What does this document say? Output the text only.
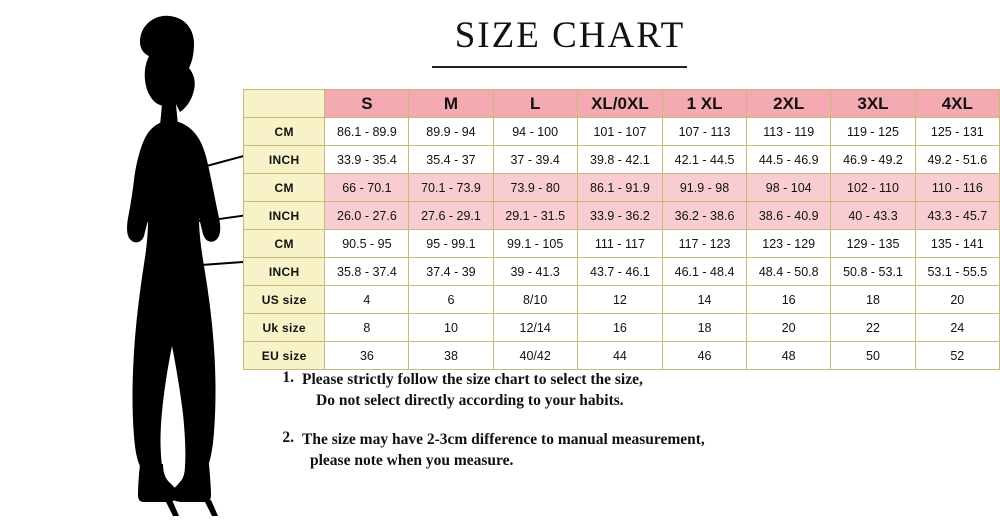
Bust fit
Waist fit
Hip fit
SIZE CHART
	S	M	L	XL/0XL	1 XL	2XL	3XL	4XL
CM	86.1 - 89.9	89.9 - 94	94 - 100	101 - 107	107 - 113	113 - 119	119 - 125	125 - 131
INCH	33.9 - 35.4	35.4 - 37	37 - 39.4	39.8 - 42.1	42.1 - 44.5	44.5 - 46.9	46.9 - 49.2	49.2 - 51.6
CM	66 - 70.1	70.1 - 73.9	73.9 - 80	86.1 - 91.9	91.9 - 98	98 - 104	102 - 110	110 - 116
INCH	26.0 - 27.6	27.6 - 29.1	29.1 - 31.5	33.9 - 36.2	36.2 - 38.6	38.6 - 40.9	40 - 43.3	43.3 - 45.7
CM	90.5 - 95	95 - 99.1	99.1 - 105	111 - 117	117 - 123	123 - 129	129 - 135	135 - 141
INCH	35.8 - 37.4	37.4 - 39	39 - 41.3	43.7 - 46.1	46.1 - 48.4	48.4 - 50.8	50.8 - 53.1	53.1 - 55.5
US size	4	6	8/10	12	14	16	18	20
Uk size	8	10	12/14	16	18	20	22	24
EU size	36	38	40/42	44	46	48	50	52
1. Please strictly follow the size chart to select the size,
Do not select directly according to your habits.
2. The size may have 2-3cm difference to manual measurement,
please note when you measure.
